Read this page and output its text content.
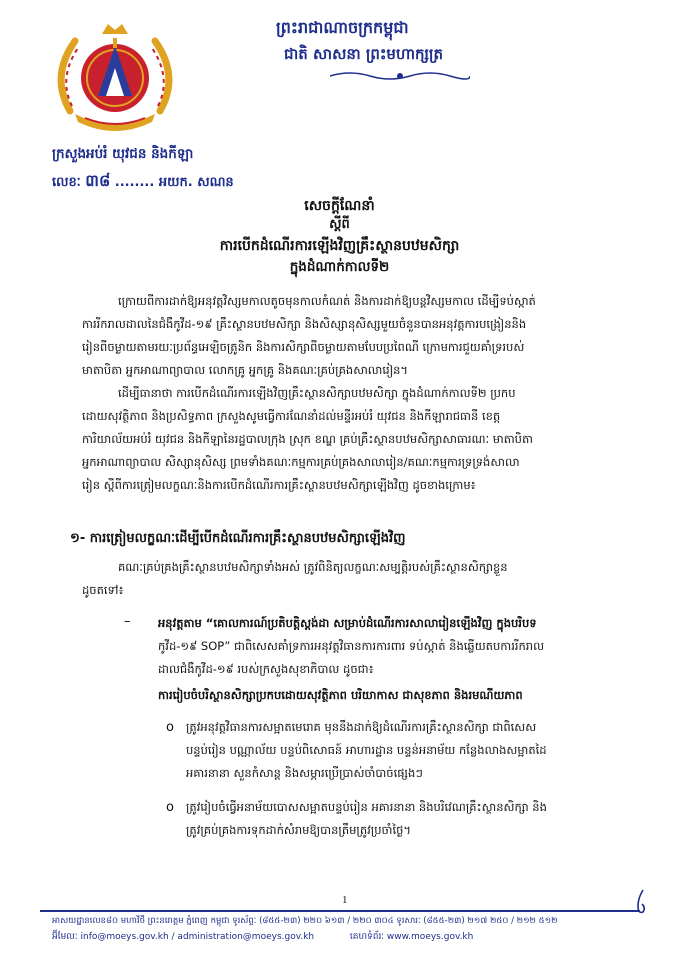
ព្រះរាជាណាចក្រកម្ពុជា
ជាតិ សាសនា ព្រះមហាក្សត្រ
ក្រសួងអប់រំ យុវជន និងកីឡា
លេខៈ ៣៨ ........ អយក. សណន
សេចក្តីណែនាំ
ស្តីពី
ការបើកដំណើរការឡើងវិញគ្រឹះស្ថានបឋមសិក្សា
ក្នុងដំណាក់កាលទី២
ក្រោយពីការដាក់ឱ្យអនុវត្តវិស្សមកាលតូចមុនកាលកំណត់ និងការដាក់ឱ្យបន្តវិស្សមកាល ដើម្បីទប់ស្កាត់
ការរីករាលដាលនៃជំងឺកូវីដ-១៩ គ្រឹះស្ថានបឋមសិក្សា និងសិស្សានុសិស្សមួយចំនួនបានអនុវត្តការបង្រៀននិង
រៀនពីចម្ងាយតាមរយៈប្រព័ន្ធអេឡិចត្រូនិក និងការសិក្សាពីចម្ងាយតាមបែបប្រពៃណី ក្រោមការជួយគាំទ្ររបស់
មាតាបិតា អ្នកអាណាព្យាបាល លោកគ្រូ អ្នកគ្រូ និងគណៈគ្រប់គ្រងសាលារៀន។
ដើម្បីធានាថា ការបើកដំណើរការឡើងវិញគ្រឹះស្ថានសិក្សាបឋមសិក្សា ក្នុងដំណាក់កាលទី២ ប្រកប
ដោយសុវត្ថិភាព និងប្រសិទ្ធភាព ក្រសួងសូមធ្វើការណែនាំដល់មន្ទីរអប់រំ យុវជន និងកីឡារាជធានី ខេត្ត
ការិយាល័យអប់រំ យុវជន និងកីឡានៃរដ្ឋបាលក្រុង ស្រុក ខណ្ឌ គ្រប់គ្រឹះស្ថានបឋមសិក្សាសាធារណៈ មាតាបិតា
អ្នកអាណាព្យាបាល សិស្សានុសិស្ស ព្រមទាំងគណៈកម្មការគ្រប់គ្រងសាលារៀន/គណៈកម្មការទ្រទ្រង់សាលា
រៀន ស្តីពីការត្រៀមលក្ខណៈនិងការបើកដំណើរការគ្រឹះស្ថានបឋមសិក្សាឡើងវិញ ដូចខាងក្រោម៖
១- ការត្រៀមលក្ខណៈដើម្បីបើកដំណើរការគ្រឹះស្ថានបឋមសិក្សាឡើងវិញ
គណៈគ្រប់គ្រងគ្រឹះស្ថានបឋមសិក្សាទាំងអស់ ត្រូវពិនិត្យលក្ខណៈសម្បត្តិរបស់គ្រឹះស្ថានសិក្សាខ្លួន
ដូចតទៅ៖
– អនុវត្តតាម “គោលការណ៍ប្រតិបត្តិស្តង់ដា សម្រាប់ដំណើរការសាលារៀនឡើងវិញ ក្នុងបរិបទ
កូវីដ-១៩ SOP” ជាពិសេសគាំទ្រការអនុវត្តវិធានការការពារ ទប់ស្កាត់ និងឆ្លើយតបការរីករាល
ដាលជំងឺកូវីដ-១៩ របស់ក្រសួងសុខាភិបាល ដូចជា៖
ការរៀបចំបរិស្ថានសិក្សាប្រកបដោយសុវត្ថិភាព បរិយាកាស ជាសុខភាព និងរមណីយភាព
o ត្រូវអនុវត្តវិធានការសម្អាតមេរោគ មុននឹងដាក់ឱ្យដំណើរការគ្រឹះស្ថានសិក្សា ជាពិសេស
បន្ទប់រៀន បណ្ណាល័យ បន្ទប់ពិសោធន៍ អាហារដ្ឋាន បន្ទន់អនាម័យ កន្លែងលាងសម្អាតដៃ
អគារនានា សួនកំសាន្ត និងសម្ភារប្រើប្រាស់ចាំបាច់ផ្សេងៗ
o ត្រូវរៀបចំធ្វើអនាម័យបោសសម្អាតបន្ទប់រៀន អគារនានា និងបរិវេណគ្រឹះស្ថានសិក្សា និង
ត្រូវគ្រប់គ្រងការទុកដាក់សំរាមឱ្យបានត្រឹមត្រូវប្រចាំថ្ងៃ។
1
អាសយដ្ឋានលេខ៨០ មហាវិថី ព្រះនរោត្តម ភ្នំពេញ កម្ពុជា ទូរស័ព្ទៈ (៨៥៥-២៣) ២២០ ៦១៣ / ២២០ ៣០៤ ទូរសារៈ (៨៥៥-២៣) ២១៧ ២៥០ / ២១២ ៥១២
អ៊ីមែលៈ info@moeys.gov.kh / administration@moeys.gov.kh	គេហទំព័រៈ www.moeys.gov.kh
